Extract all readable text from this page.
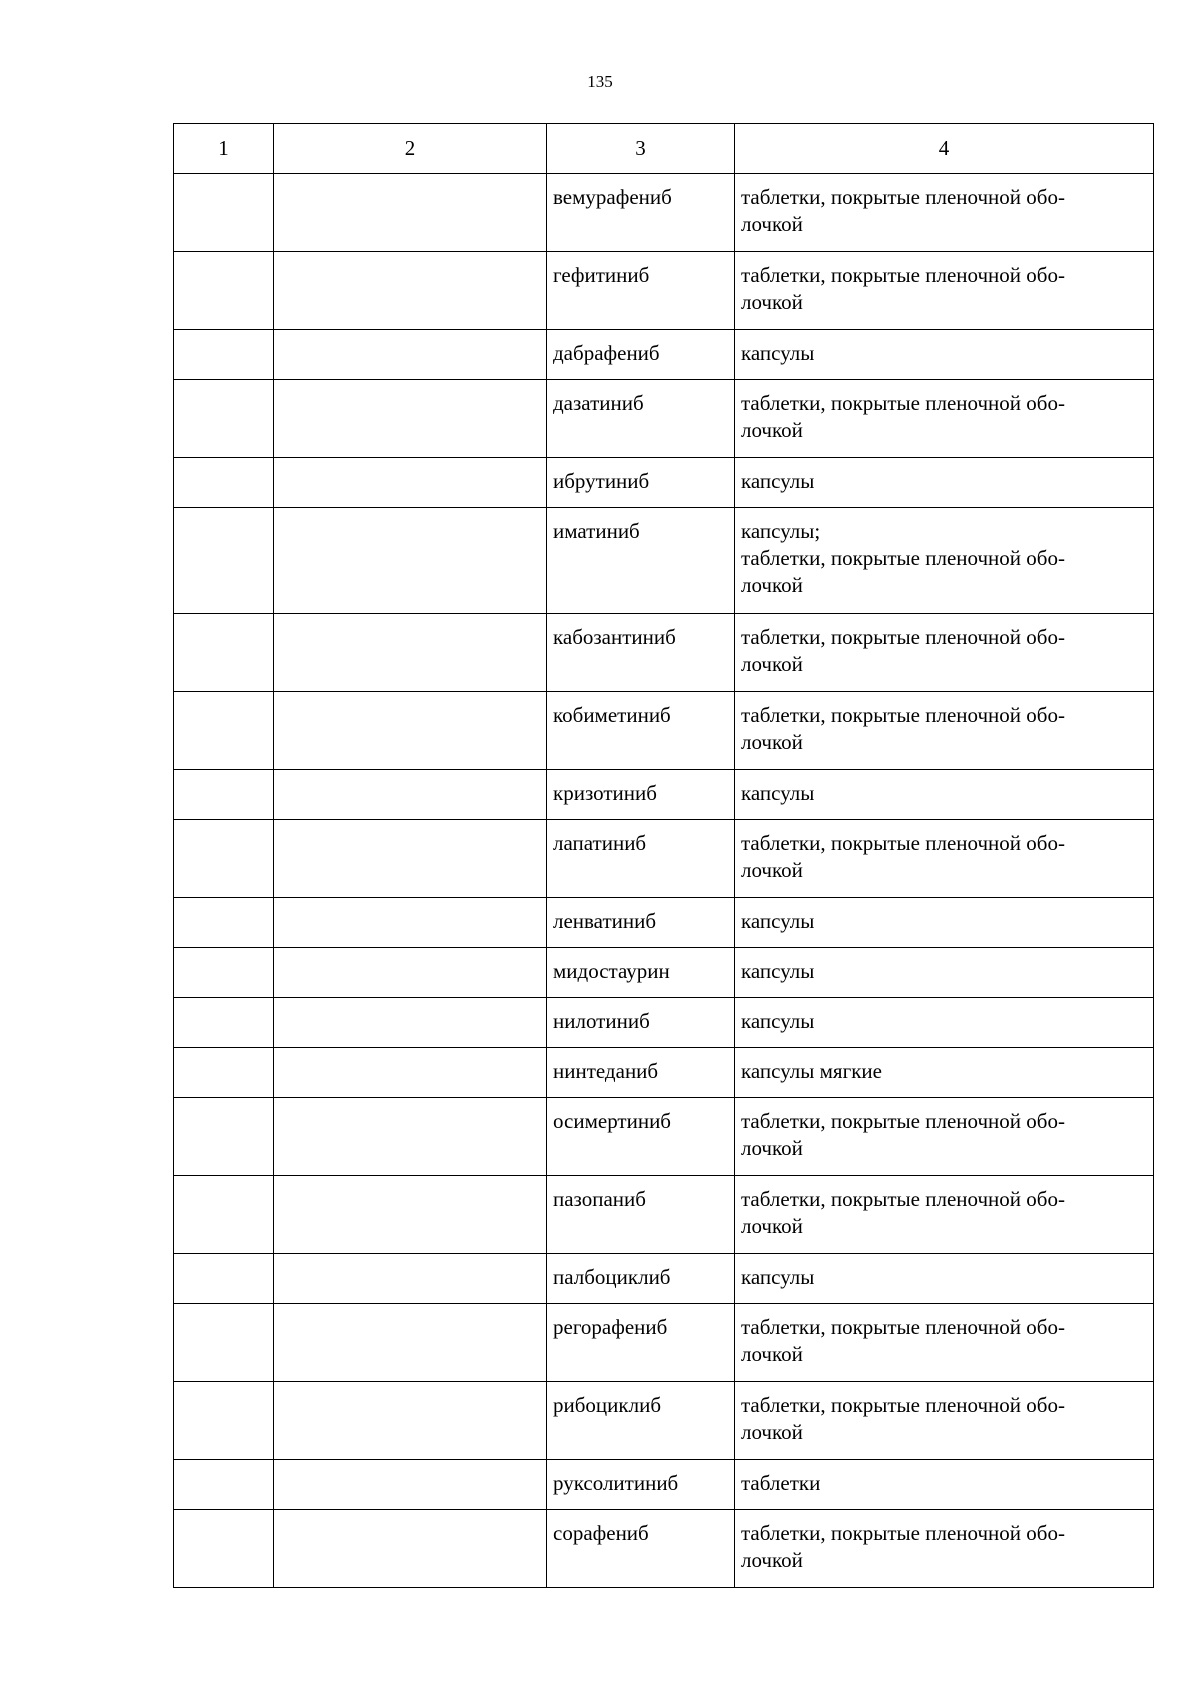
135
1	2	3	4
		вемурафениб	таблетки, покрытые пленочной обо-
лочкой
		гефитиниб	таблетки, покрытые пленочной обо-
лочкой
		дабрафениб	капсулы
		дазатиниб	таблетки, покрытые пленочной обо-
лочкой
		ибрутиниб	капсулы
		иматиниб	капсулы;
таблетки, покрытые пленочной обо-
лочкой
		кабозантиниб	таблетки, покрытые пленочной обо-
лочкой
		кобиметиниб	таблетки, покрытые пленочной обо-
лочкой
		кризотиниб	капсулы
		лапатиниб	таблетки, покрытые пленочной обо-
лочкой
		ленватиниб	капсулы
		мидостаурин	капсулы
		нилотиниб	капсулы
		нинтеданиб	капсулы мягкие
		осимертиниб	таблетки, покрытые пленочной обо-
лочкой
		пазопаниб	таблетки, покрытые пленочной обо-
лочкой
		палбоциклиб	капсулы
		регорафениб	таблетки, покрытые пленочной обо-
лочкой
		рибоциклиб	таблетки, покрытые пленочной обо-
лочкой
		руксолитиниб	таблетки
		сорафениб	таблетки, покрытые пленочной обо-
лочкой
